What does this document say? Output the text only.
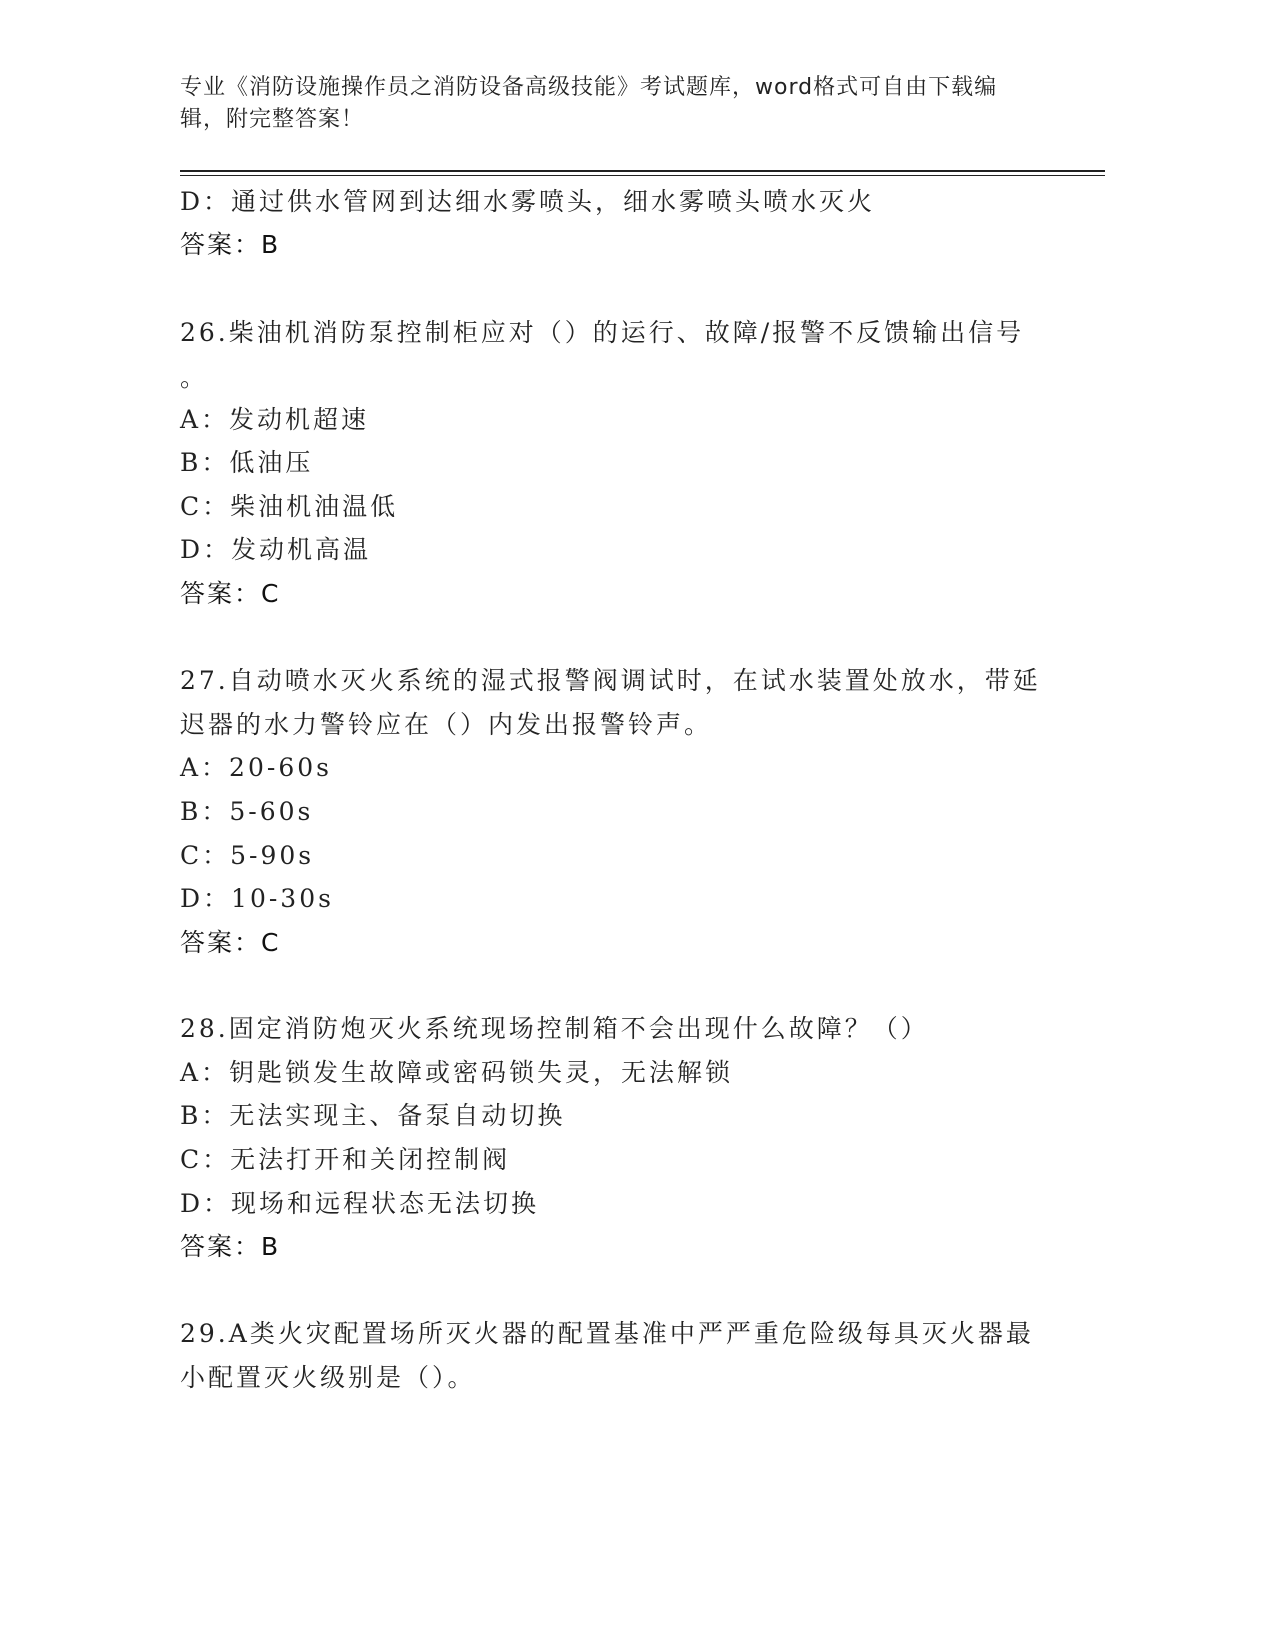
专业《消防设施操作员之消防设备高级技能》考试题库，word格式可自由下载编
辑，附完整答案！
D：通过供水管网到达细水雾喷头，细水雾喷头喷水灭火
答案：B
26.柴油机消防泵控制柜应对（）的运行、故障/报警不反馈输出信号
。
A：发动机超速
B：低油压
C：柴油机油温低
D：发动机高温
答案：C
27.自动喷水灭火系统的湿式报警阀调试时，在试水装置处放水，带延
迟器的水力警铃应在（）内发出报警铃声。
A：20-60s
B：5-60s
C：5-90s
D：10-30s
答案：C
28.固定消防炮灭火系统现场控制箱不会出现什么故障？（）
A：钥匙锁发生故障或密码锁失灵，无法解锁
B：无法实现主、备泵自动切换
C：无法打开和关闭控制阀
D：现场和远程状态无法切换
答案：B
29.A类火灾配置场所灭火器的配置基准中严严重危险级每具灭火器最
小配置灭火级别是（）。
